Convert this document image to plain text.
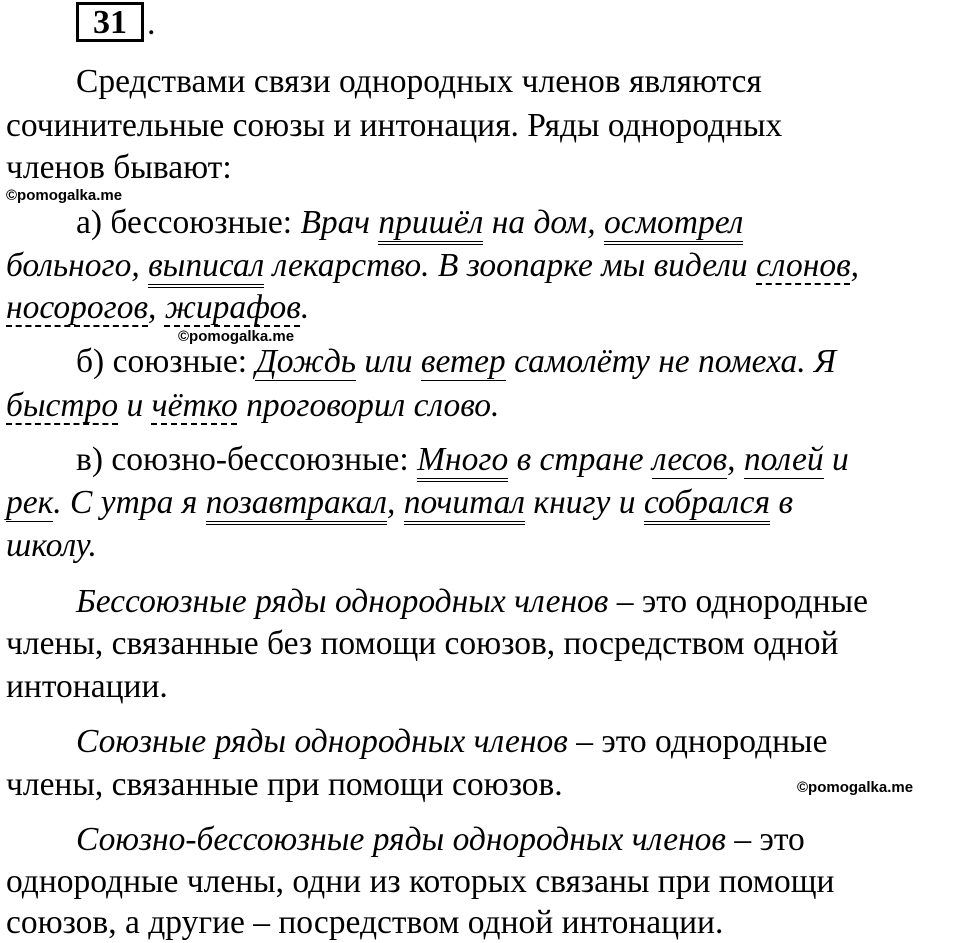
31 .
Средствами связи однородных членов являются
сочинительные союзы и интонация. Ряды однородных
членов бывают:
©pomogalka.me
а) бессоюзные: Врач пришёл на дом, осмотрел
больного, выписал лекарство. В зоопарке мы видели слонов,
носорогов, жирафов.
©pomogalka.me
б) союзные: Дождь или ветер самолёту не помеха. Я
быстро и чётко проговорил слово.
в) союзно-бессоюзные: Много в стране лесов, полей и
рек. С утра я позавтракал, почитал книгу и собрался в
школу.
Бессоюзные ряды однородных членов – это однородные
члены, связанные без помощи союзов, посредством одной
интонации.
Союзные ряды однородных членов – это однородные
члены, связанные при помощи союзов.	©pomogalka.me
Союзно-бессоюзные ряды однородных членов – это
однородные члены, одни из которых связаны при помощи
союзов, а другие – посредством одной интонации.
